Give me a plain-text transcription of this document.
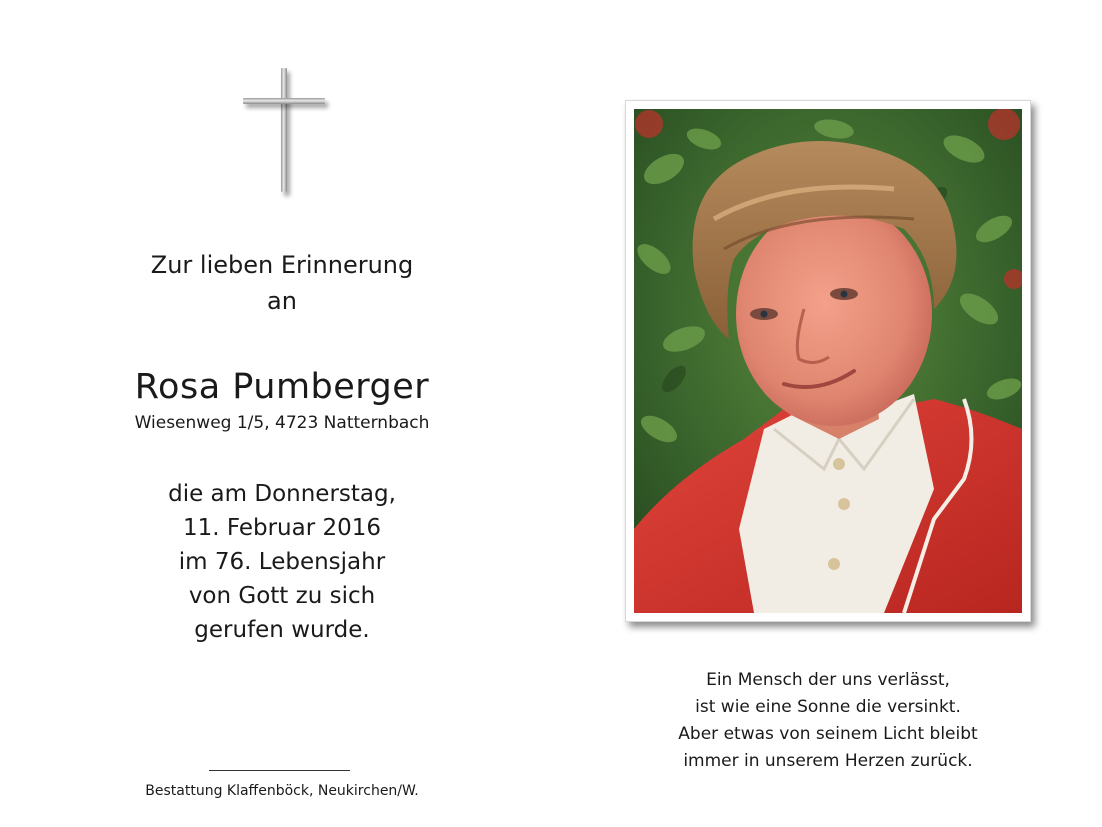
Zur lieben Erinnerung
an
Rosa Pumberger
Wiesenweg 1/5, 4723 Natternbach
die am Donnerstag,
11. Februar 2016
im 76. Lebensjahr
von Gott zu sich
gerufen wurde.
Bestattung Klaffenböck, Neukirchen/W.
Ein Mensch der uns verlässt,
ist wie eine Sonne die versinkt.
Aber etwas von seinem Licht bleibt
immer in unserem Herzen zurück.
